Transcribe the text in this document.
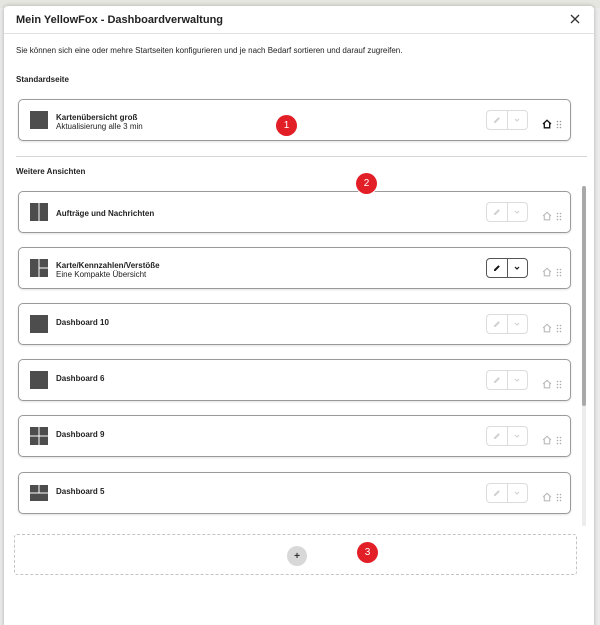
Mein YellowFox - Dashboardverwaltung
Sie können sich eine oder mehre Startseiten konfigurieren und je nach Bedarf sortieren und darauf zugreifen.
Standardseite
Kartenübersicht groß
Aktualisierung alle 3 min
Weitere Ansichten
Aufträge und Nachrichten
Karte/Kennzahlen/Verstöße
Eine Kompakte Übersicht
Dashboard 10
Dashboard 6
Dashboard 9
Dashboard 5
+
1
2
3
